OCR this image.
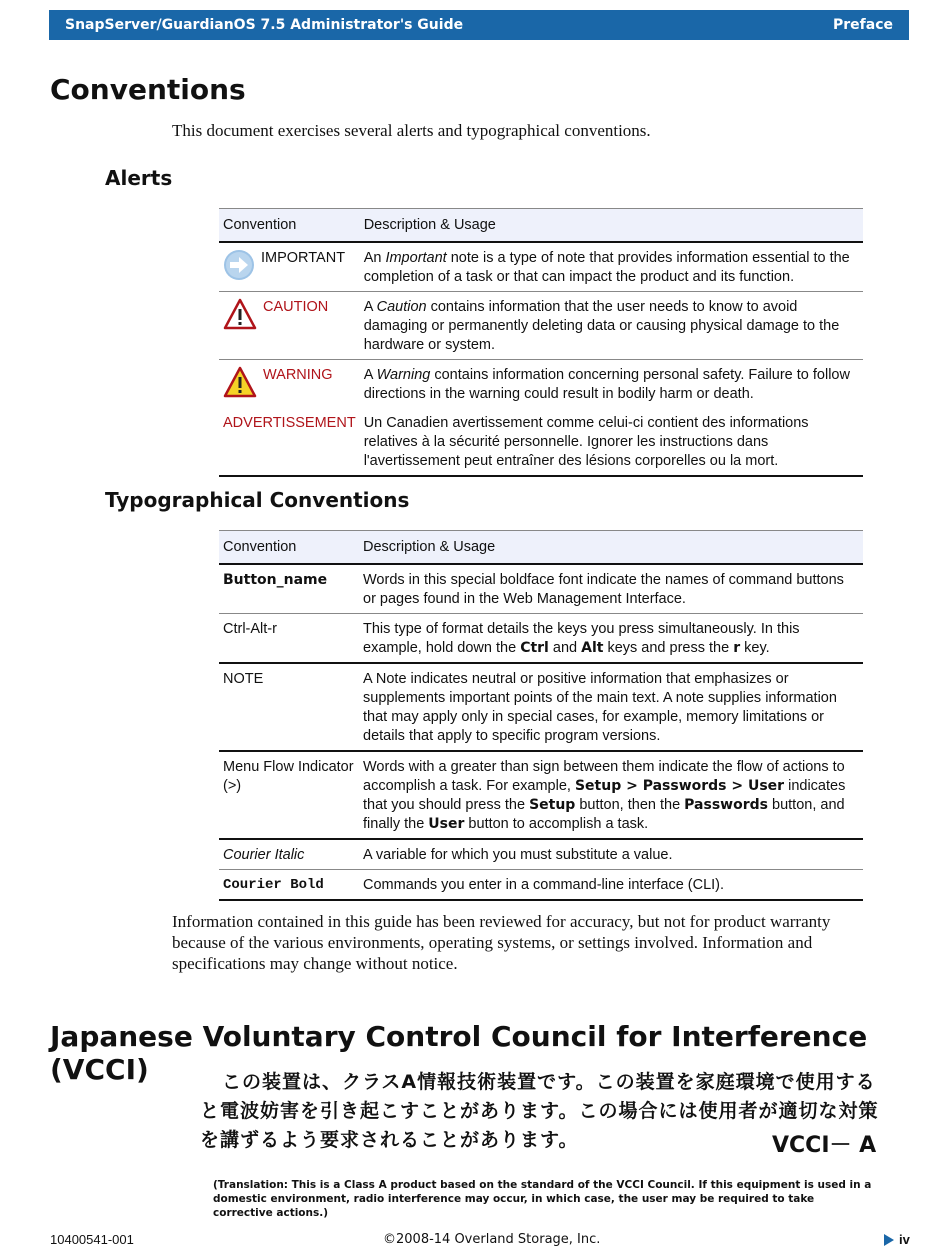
SnapServer/GuardianOS 7.5 Administrator's Guide	Preface
Conventions

This document exercises several alerts and typographical conventions.

Alerts
Convention	Description & Usage

IMPORTANT	An Important note is a type of note that provides information essential to the completion of a task or that can impact the product and its function.

CAUTION	A Caution contains information that the user needs to know to avoid damaging or permanently deleting data or causing physical damage to the hardware or system.

WARNING	A Warning contains information concerning personal safety. Failure to follow directions in the warning could result in bodily harm or death.
ADVERTISSEMENT	Un Canadien avertissement comme celui-ci contient des informations relatives à la sécurité personnelle. Ignorer les instructions dans l'avertissement peut entraîner des lésions corporelles ou la mort.
Typographical Conventions
Convention	Description & Usage
Button_name	Words in this special boldface font indicate the names of command buttons or pages found in the Web Management Interface.
Ctrl-Alt-r	This type of format details the keys you press simultaneously. In this example, hold down the Ctrl and Alt keys and press the r key.
NOTE	A Note indicates neutral or positive information that emphasizes or supplements important points of the main text. A note supplies information that may apply only in special cases, for example, memory limitations or details that apply to specific program versions.
Menu Flow Indicator (>)	Words with a greater than sign between them indicate the flow of actions to accomplish a task. For example, Setup > Passwords > User indicates that you should press the Setup button, then the Passwords button, and finally the User button to accomplish a task.
Courier Italic	A variable for which you must substitute a value.
Courier Bold	Commands you enter in a command-line interface (CLI).

Information contained in this guide has been reviewed for accuracy, but not for product warranty because of the various environments, operating systems, or settings involved. Information and specifications may change without notice.

Japanese Voluntary Control Council for Interference (VCCI)	この装置は、クラスA情報技術装置です。この装置を家庭環境で使用すると電波妨害を引き起こすことがあります。この場合には使用者が適切な対策を講ずるよう要求されることがあります。	VCCI－ A

(Translation: This is a Class A product based on the standard of the VCCI Council. If this equipment is used in a domestic environment, radio interference may occur, in which case, the user may be required to take corrective actions.)

10400541-001	©2008-14 Overland Storage, Inc.	iv
